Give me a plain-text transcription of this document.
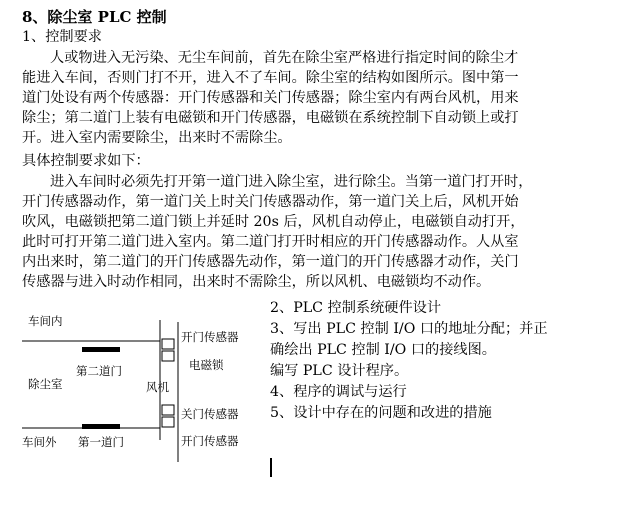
8、除尘室 PLC 控制
1、控制要求
人或物进入无污染、无尘车间前，首先在除尘室严格进行指定时间的除尘才
能进入车间，否则门打不开，进入不了车间。除尘室的结构如图所示。图中第一
道门处设有两个传感器：开门传感器和关门传感器；除尘室内有两台风机，用来
除尘；第二道门上装有电磁锁和开门传感器，电磁锁在系统控制下自动锁上或打
开。进入室内需要除尘，出来时不需除尘。
具体控制要求如下：
进入车间时必须先打开第一道门进入除尘室，进行除尘。当第一道门打开时，
开门传感器动作，第一道门关上时关门传感器动作，第一道门关上后，风机开始
吹风，电磁锁把第二道门锁上并延时 20s 后，风机自动停止，电磁锁自动打开，
此时可打开第二道门进入室内。第二道门打开时相应的开门传感器动作。人从室
内出来时，第二道门的开门传感器先动作，第一道门的开门传感器才动作，关门
传感器与进入时动作相同，出来时不需除尘，所以风机、电磁锁均不动作。
车间内
第二道门
除尘室	风机
车间外 第一道门
开门传感器
电磁锁
关门传感器
开门传感器
2、PLC 控制系统硬件设计
3、写出 PLC 控制 I/O 口的地址分配；并正
确绘出 PLC 控制 I/O 口的接线图。
编写 PLC 设计程序。
4、程序的调试与运行
5、设计中存在的问题和改进的措施
